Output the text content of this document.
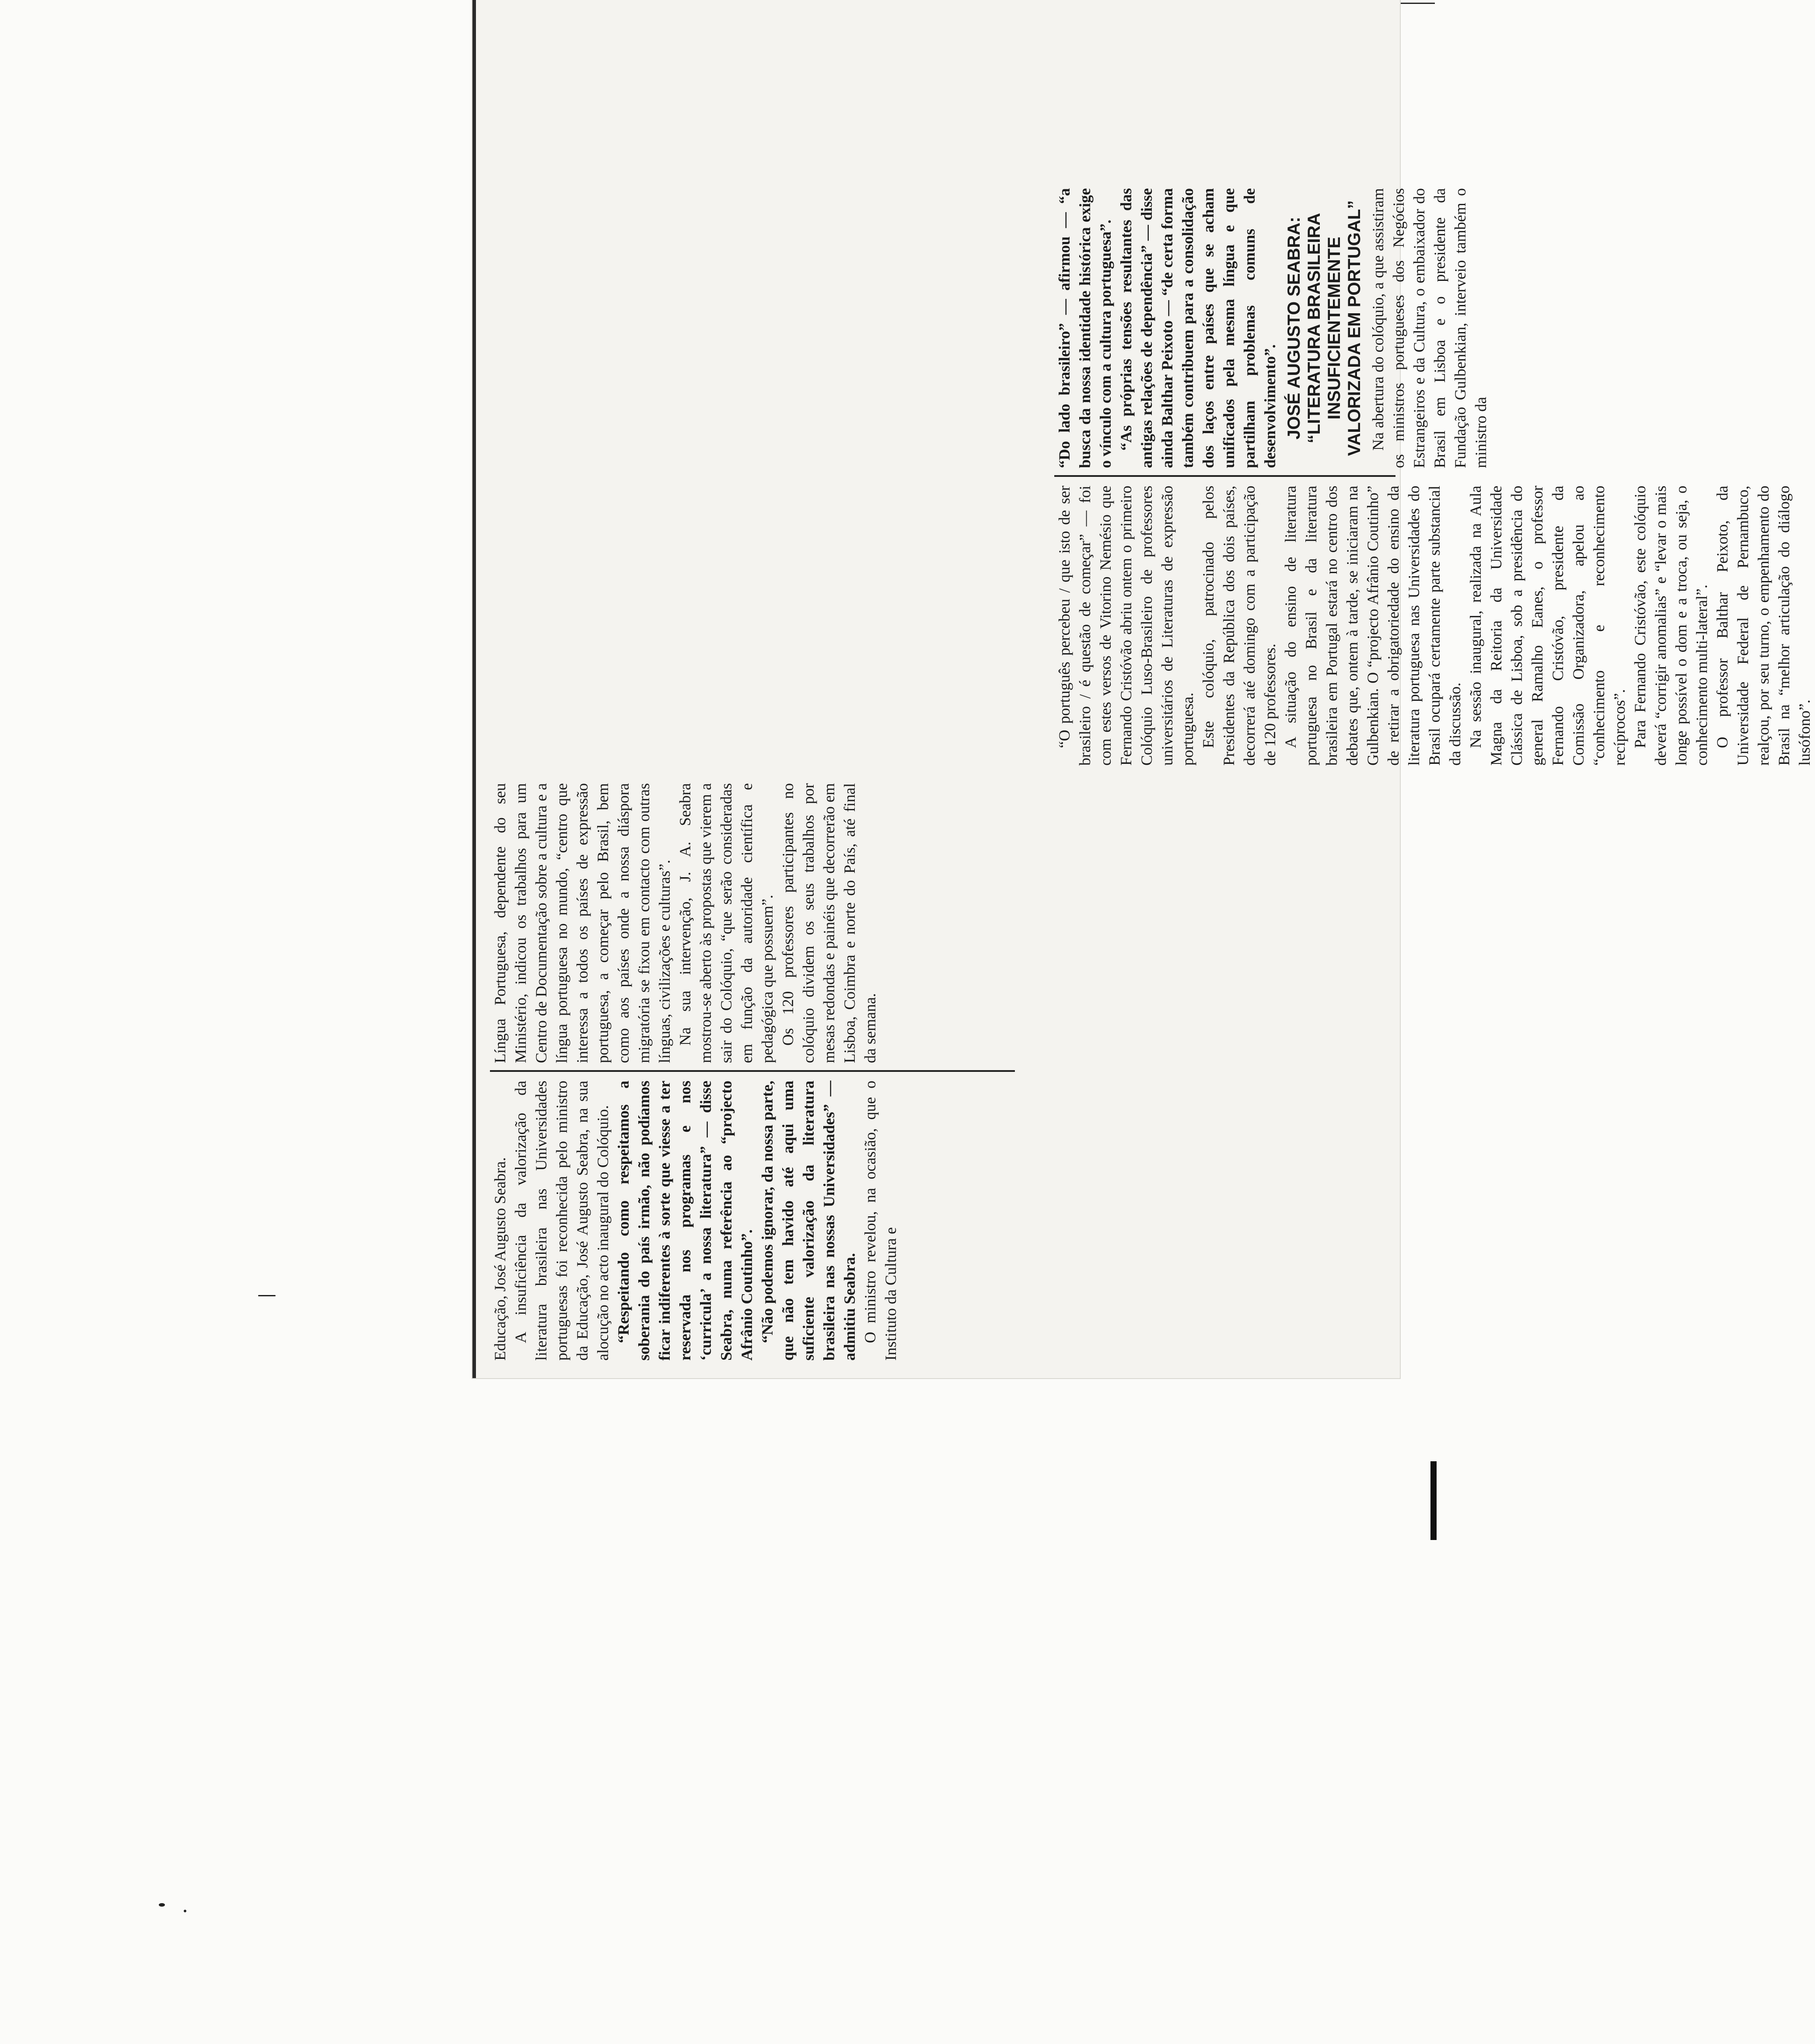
Educação, José Augusto Seabra. A insuficiência da valorização da literatura brasileira nas Universidades portuguesas foi reconhecida pelo ministro da Educação, José Augusto Seabra, na sua alocução no acto inaugural do Colóquio. “Respeitando como respeitamos a soberania do país irmão, não podíamos ficar indiferentes à sorte que viesse a ter reservada nos programas e nos ‘curricula’ a nossa literatura” — disse Seabra, numa referência ao “projecto Afrânio Coutinho”. “Não podemos ignorar, da nossa parte, que não tem havido até aqui uma suficiente valorização da literatura brasileira nas nossas Universidades” — admitiu Seabra. O ministro revelou, na ocasião, que o Instituto da Cultura e

Língua Portuguesa, dependente do seu Ministério, indicou os trabalhos para um Centro de Documentação sobre a cultura e a língua portuguesa no mundo, “centro que interessa a todos os países de expressão portuguesa, a começar pelo Brasil, bem como aos países onde a nossa diáspora migratória se fixou em contacto com outras línguas, civilizações e culturas”. Na sua intervenção, J. A. Seabra mostrou-se aberto às propostas que vierem a sair do Colóquio, “que serão consideradas em função da autoridade científica e pedagógica que possuem”. Os 120 professores participantes no colóquio dividem os seus trabalhos por mesas redondas e painéis que decorrerão em Lisboa, Coimbra e norte do País, até final da semana.

“O português percebeu / que isto de ser brasileiro / é questão de começar” — foi com estes versos de Vitorino Nemésio que Fernando Cristóvão abriu ontem o primeiro Colóquio Luso-Brasileiro de professores universitários de Literaturas de expressão portuguesa. Este colóquio, patrocinado pelos Presidentes da República dos dois países, decorrerá até domingo com a participação de 120 professores. A situação do ensino de literatura portuguesa no Brasil e da literatura brasileira em Portugal estará no centro dos debates que, ontem à tarde, se iniciaram na Gulbenkian. O “projecto Afrânio Coutinho” de retirar a obrigatoriedade do ensino da literatura portuguesa nas Universidades do Brasil ocupará certamente parte substancial da discussão. Na sessão inaugural, realizada na Aula Magna da Reitoria da Universidade Clássica de Lisboa, sob a presidência do general Ramalho Eanes, o professor Fernando Cristóvão, presidente da Comissão Organizadora, apelou ao “conhecimento e reconhecimento recíprocos”. Para Fernando Cristóvão, este colóquio deverá “corrigir anomalias” e “levar o mais longe possível o dom e a troca, ou seja, o conhecimento multi-lateral”. O professor Balthar Peixoto, da Universidade Federal de Pernambuco, realçou, por seu turno, o empenhamento do Brasil na “melhor articulação do diálogo lusófono”.

“Do lado brasileiro” — afirmou — “a busca da nossa identidade histórica exige o vínculo com a cultura portuguesa”. “As próprias tensões resultantes das antigas relações de dependência” — disse ainda Balthar Peixoto — “de certa forma também contribuem para a consolidação dos laços entre países que se acham unificados pela mesma língua e que partilham problemas comuns de desenvolvimento”. JOSÉ AUGUSTO SEABRA: “LITERATURA BRASILEIRA INSUFICIENTEMENTE VALORIZADA EM PORTUGAL” Na abertura do colóquio, a que assistiram os ministros portugueses dos Negócios Estrangeiros e da Cultura, o embaixador do Brasil em Lisboa e o presidente da Fundação Gulbenkian, interveio também o ministro da
